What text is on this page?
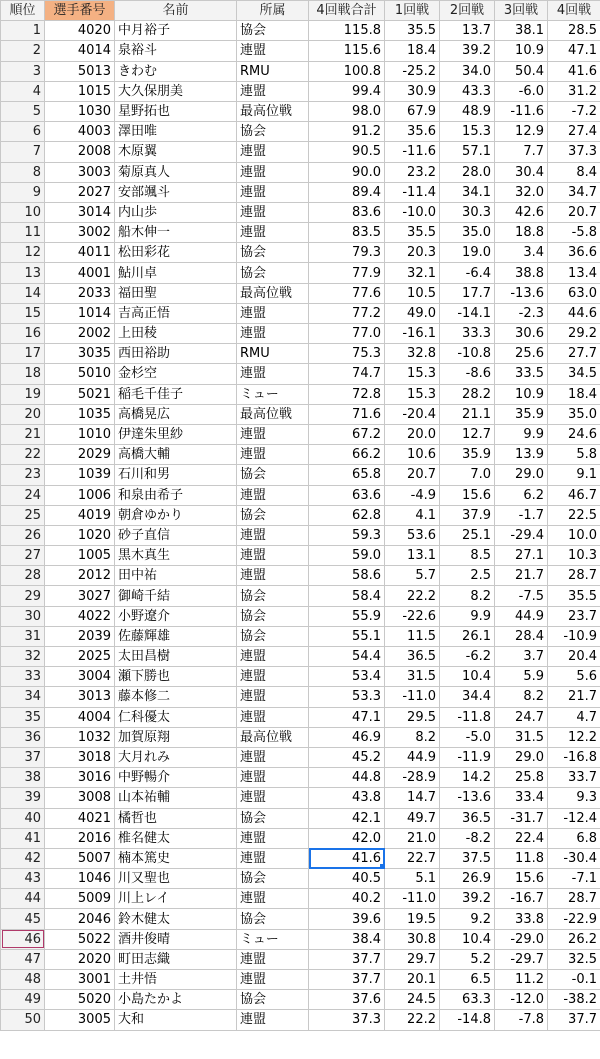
順位	選手番号	名前	所属	4回戦合計	1回戦	2回戦	3回戦	4回戦
1	4020	中月裕子	協会	115.8	35.5	13.7	38.1	28.5
2	4014	泉裕斗	連盟	115.6	18.4	39.2	10.9	47.1
3	5013	きわむ	RMU	100.8	-25.2	34.0	50.4	41.6
4	1015	大久保朋美	連盟	99.4	30.9	43.3	-6.0	31.2
5	1030	星野拓也	最高位戦	98.0	67.9	48.9	-11.6	-7.2
6	4003	澤田唯	協会	91.2	35.6	15.3	12.9	27.4
7	2008	木原翼	連盟	90.5	-11.6	57.1	7.7	37.3
8	3003	菊原真人	連盟	90.0	23.2	28.0	30.4	8.4
9	2027	安部颯斗	連盟	89.4	-11.4	34.1	32.0	34.7
10	3014	内山歩	連盟	83.6	-10.0	30.3	42.6	20.7
11	3002	船木伸一	連盟	83.5	35.5	35.0	18.8	-5.8
12	4011	松田彩花	協会	79.3	20.3	19.0	3.4	36.6
13	4001	鮎川卓	協会	77.9	32.1	-6.4	38.8	13.4
14	2033	福田聖	最高位戦	77.6	10.5	17.7	-13.6	63.0
15	1014	吉高正悟	連盟	77.2	49.0	-14.1	-2.3	44.6
16	2002	上田稜	連盟	77.0	-16.1	33.3	30.6	29.2
17	3035	西田裕助	RMU	75.3	32.8	-10.8	25.6	27.7
18	5010	金杉空	連盟	74.7	15.3	-8.6	33.5	34.5
19	5021	稲毛千佳子	ミュー	72.8	15.3	28.2	10.9	18.4
20	1035	高橋晃広	最高位戦	71.6	-20.4	21.1	35.9	35.0
21	1010	伊達朱里紗	連盟	67.2	20.0	12.7	9.9	24.6
22	2029	高橋大輔	連盟	66.2	10.6	35.9	13.9	5.8
23	1039	石川和男	協会	65.8	20.7	7.0	29.0	9.1
24	1006	和泉由希子	連盟	63.6	-4.9	15.6	6.2	46.7
25	4019	朝倉ゆかり	協会	62.8	4.1	37.9	-1.7	22.5
26	1020	砂子直信	連盟	59.3	53.6	25.1	-29.4	10.0
27	1005	黒木真生	連盟	59.0	13.1	8.5	27.1	10.3
28	2012	田中祐	連盟	58.6	5.7	2.5	21.7	28.7
29	3027	御崎千結	協会	58.4	22.2	8.2	-7.5	35.5
30	4022	小野遼介	協会	55.9	-22.6	9.9	44.9	23.7
31	2039	佐藤輝雄	協会	55.1	11.5	26.1	28.4	-10.9
32	2025	太田昌樹	連盟	54.4	36.5	-6.2	3.7	20.4
33	3004	瀬下勝也	連盟	53.4	31.5	10.4	5.9	5.6
34	3013	藤本修二	連盟	53.3	-11.0	34.4	8.2	21.7
35	4004	仁科優太	連盟	47.1	29.5	-11.8	24.7	4.7
36	1032	加賀原翔	最高位戦	46.9	8.2	-5.0	31.5	12.2
37	3018	大月れみ	連盟	45.2	44.9	-11.9	29.0	-16.8
38	3016	中野暢介	連盟	44.8	-28.9	14.2	25.8	33.7
39	3008	山本祐輔	連盟	43.8	14.7	-13.6	33.4	9.3
40	4021	橘哲也	協会	42.1	49.7	36.5	-31.7	-12.4
41	2016	椎名健太	連盟	42.0	21.0	-8.2	22.4	6.8
42	5007	楠本篤史	連盟	41.6	22.7	37.5	11.8	-30.4
43	1046	川又聖也	協会	40.5	5.1	26.9	15.6	-7.1
44	5009	川上レイ	連盟	40.2	-11.0	39.2	-16.7	28.7
45	2046	鈴木健太	協会	39.6	19.5	9.2	33.8	-22.9
46	5022	酒井俊晴	ミュー	38.4	30.8	10.4	-29.0	26.2
47	2020	町田志織	連盟	37.7	29.7	5.2	-29.7	32.5
48	3001	土井悟	連盟	37.7	20.1	6.5	11.2	-0.1
49	5020	小島たかよ	協会	37.6	24.5	63.3	-12.0	-38.2
50	3005	大和	連盟	37.3	22.2	-14.8	-7.8	37.7
